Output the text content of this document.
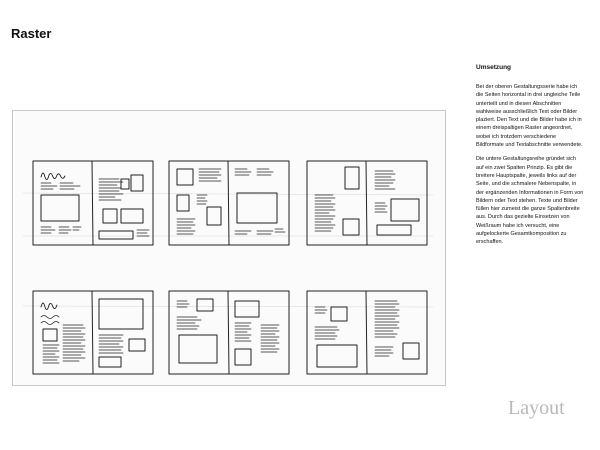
Raster
Umsetzung

Bei der oberen Gestaltungsserie habe ich die Seiten horizontal in drei ungleiche Teile unterteilt und in diesen Abschnitten wahlweise ausschließlich Text oder Bilder plaziert. Den Text und die Bilder habe ich in einem dreispaltigen Raster angeordnet, wobei ich trotzdem verschiedene Bildformate und Textabschnitte verwendete.

Die untere Gestaltungsreihe gründet sich auf ein zwei Spalten Prinzip. Es gibt die breitere Hauptspalte, jeweils links auf der Seite, und die schmalere Nebenspalte, in der ergänzenden Informationen in Form von Bildern oder Text stehen. Texte und Bilder füllen hier zumeist die ganze Spaltenbreite aus. Durch das gezielte Einsetzen von Weißraum habe ich versucht, eine aufgelockerte Gesamtkomposition zu erschaffen.

Layout
